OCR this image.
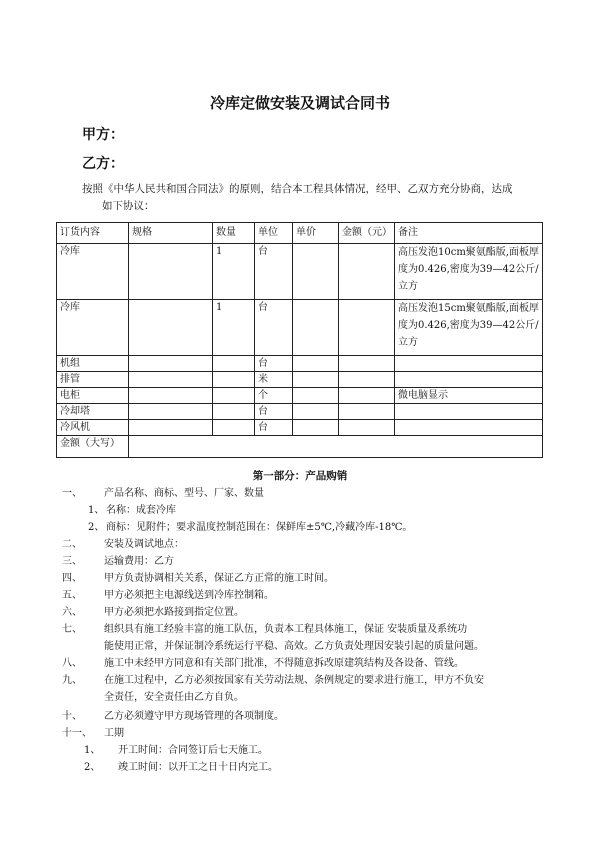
冷库定做安装及调试合同书
甲方：
乙方：
按照《中华人民共和国合同法》的原则，结合本工程具体情况，经甲、乙双方充分协商，达成
如下协议：
订货内容	规格	数量	单位	单价	金额（元）	备注
冷库		1	台			高压发泡10cm聚氨酯版,面板厚度为0.426,密度为39—42公斤/立方
冷库		1	台			高压发泡15cm聚氨酯版,面板厚度为0.426,密度为39—42公斤/立方
机组			台			
排管			米			
电柜			个			微电脑显示
冷却塔			台			
冷风机			台			
金额（大写）						
第一部分：产品购销
一、 产品名称、商标、型号、厂家、数量
1、 名称：成套冷库
2、 商标：见附件；要求温度控制范围在：保鲜库±5℃,冷藏冷库-18℃。
二、 安装及调试地点：
三、 运输费用：乙方
四、 甲方负责协调相关关系，保证乙方正常的施工时间。
五、 甲方必须把主电源线送到冷库控制箱。
六、 甲方必须把水路接到指定位置。
七、 组织具有施工经验丰富的施工队伍，负责本工程具体施工，保证 安装质量及系统功
能使用正常，并保证制冷系统运行平稳、高效。乙方负责处理因安装引起的质量问题。
八、 施工中未经甲方同意和有关部门批准，不得随意拆改原建筑结构及各设备、管线。
九、 在施工过程中，乙方必须按国家有关劳动法规、条例规定的要求进行施工，甲方不负安
全责任，安全责任由乙方自负。
十、 乙方必须遵守甲方现场管理的各项制度。
十一、 工期
1、 开工时间：合同签订后七天施工。
2、 竣工时间：以开工之日十日内完工。
